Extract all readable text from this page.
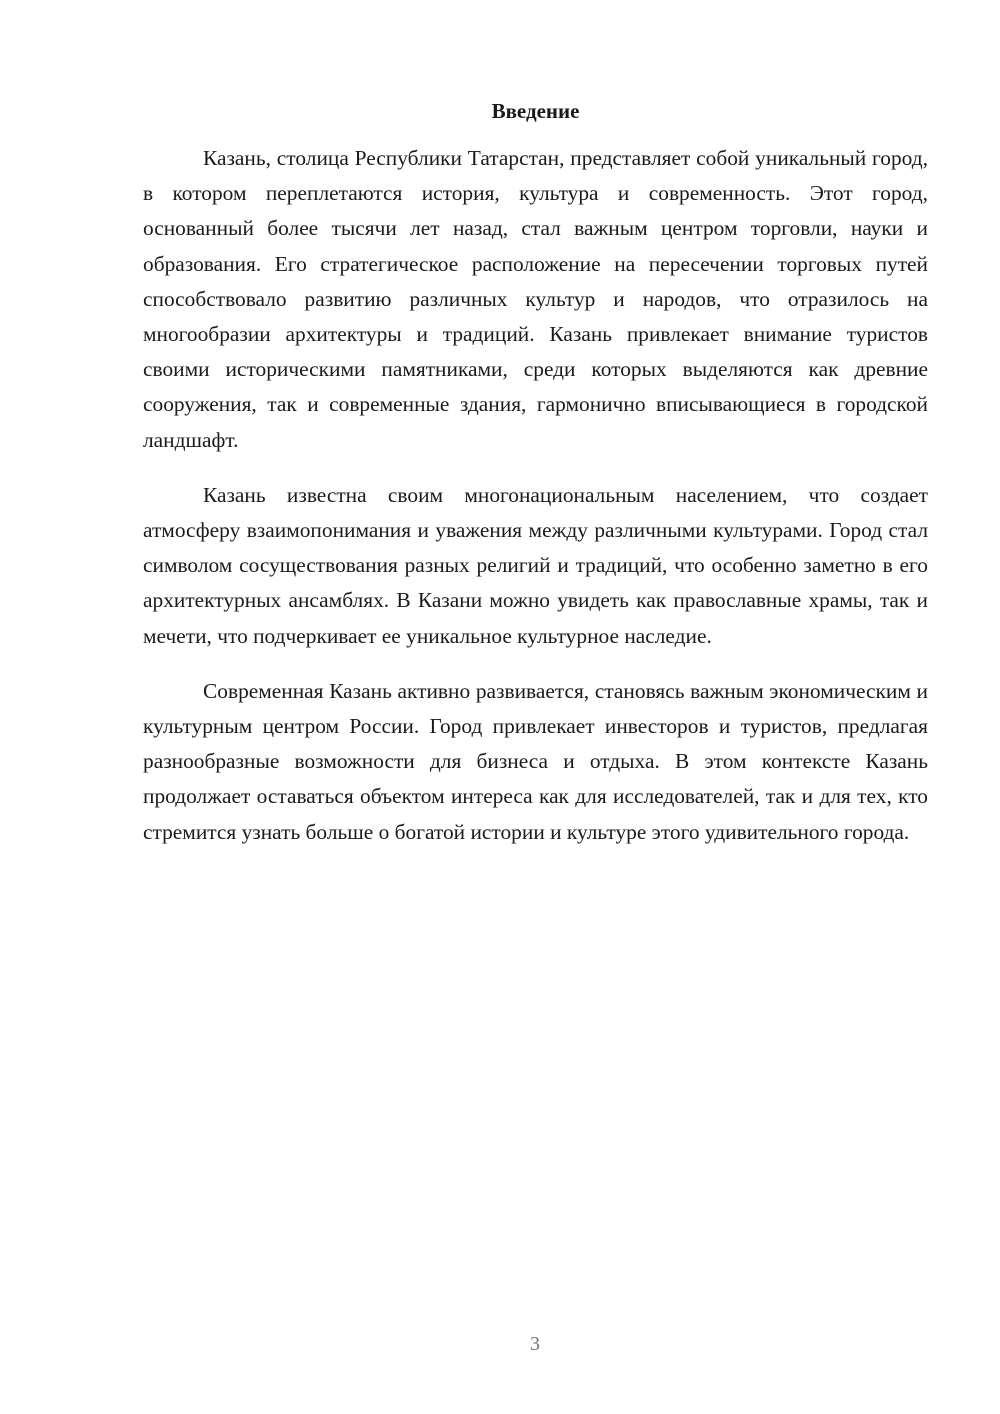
Введение

Казань, столица Республики Татарстан, представляет собой уникальный город, в котором переплетаются история, культура и современность. Этот город, основанный более тысячи лет назад, стал важным центром торговли, науки и образования. Его стратегическое расположение на пересечении торговых путей способствовало развитию различных культур и народов, что отразилось на многообразии архитектуры и традиций. Казань привлекает внимание туристов своими историческими памятниками, среди которых выделяются как древние сооружения, так и современные здания, гармонично вписывающиеся в городской ландшафт.

Казань известна своим многонациональным населением, что создает атмосферу взаимопонимания и уважения между различными культурами. Город стал символом сосуществования разных религий и традиций, что особенно заметно в его архитектурных ансамблях. В Казани можно увидеть как православные храмы, так и мечети, что подчеркивает ее уникальное культурное наследие.

Современная Казань активно развивается, становясь важным экономическим и культурным центром России. Город привлекает инвесторов и туристов, предлагая разнообразные возможности для бизнеса и отдыха. В этом контексте Казань продолжает оставаться объектом интереса как для исследователей, так и для тех, кто стремится узнать больше о богатой истории и культуре этого удивительного города.

3
